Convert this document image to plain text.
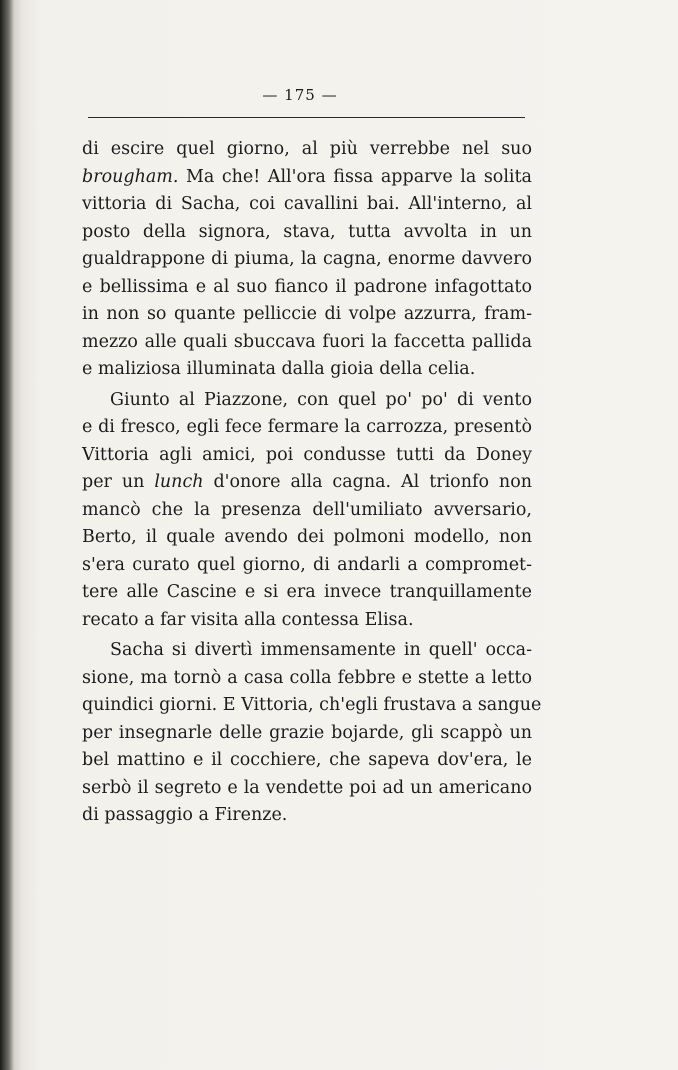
— 175 —
di escire quel giorno, al più verrebbe nel suo
brougham. Ma che! All'ora fissa apparve la solita
vittoria di Sacha, coi cavallini bai. All'interno, al
posto della signora, stava, tutta avvolta in un
gualdrappone di piuma, la cagna, enorme davvero
e bellissima e al suo fianco il padrone infagottato
in non so quante pelliccie di volpe azzurra, fram-
mezzo alle quali sbuccava fuori la faccetta pallida
e maliziosa illuminata dalla gioia della celia.
Giunto al Piazzone, con quel po' po' di vento
e di fresco, egli fece fermare la carrozza, presentò
Vittoria agli amici, poi condusse tutti da Doney
per un lunch d'onore alla cagna. Al trionfo non
mancò che la presenza dell'umiliato avversario,
Berto, il quale avendo dei polmoni modello, non
s'era curato quel giorno, di andarli a compromet-
tere alle Cascine e si era invece tranquillamente
recato a far visita alla contessa Elisa.
Sacha si divertì immensamente in quell' occa-
sione, ma tornò a casa colla febbre e stette a letto
quindici giorni. E Vittoria, ch'egli frustava a sangue
per insegnarle delle grazie bojarde, gli scappò un
bel mattino e il cocchiere, che sapeva dov'era, le
serbò il segreto e la vendette poi ad un americano
di passaggio a Firenze.
